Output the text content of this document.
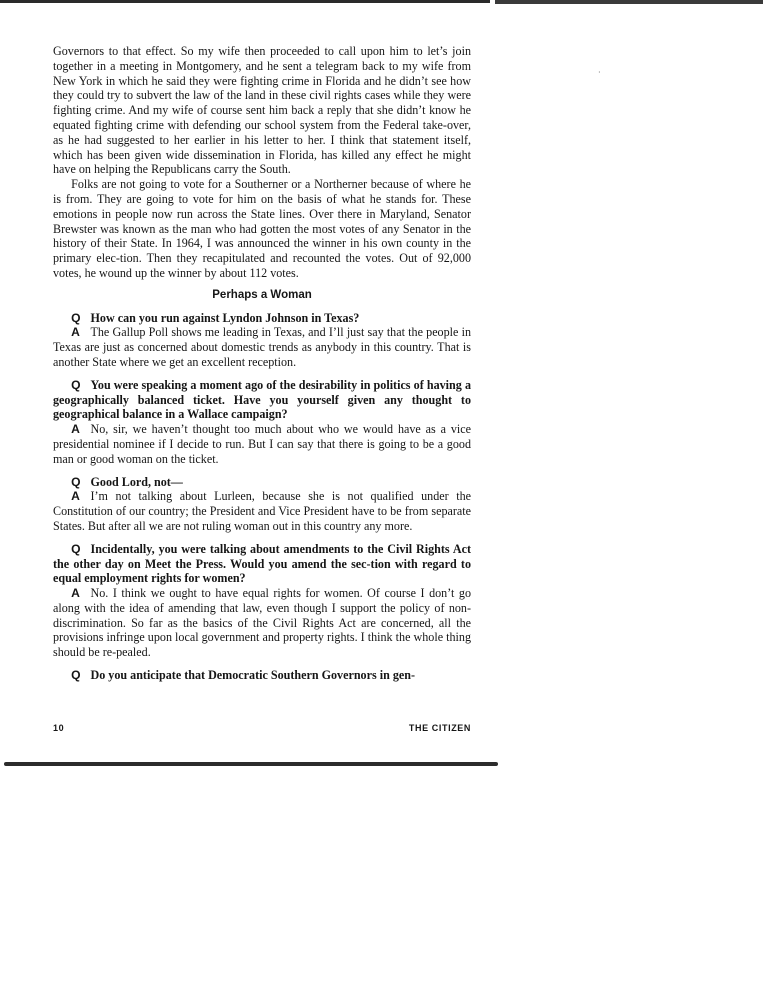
·

Governors to that effect. So my wife then proceeded to call upon him to let’s join together in a meeting in Montgomery, and he sent a telegram back to my wife from New York in which he said they were fighting crime in Florida and he didn’t see how they could try to subvert the law of the land in these civil rights cases while they were fighting crime. And my wife of course sent him back a reply that she didn’t know he equated fighting crime with defending our school system from the Federal take-over, as he had suggested to her earlier in his letter to her. I think that statement itself, which has been given wide dissemination in Florida, has killed any effect he might have on helping the Republicans carry the South.

Folks are not going to vote for a Southerner or a Northerner because of where he is from. They are going to vote for him on the basis of what he stands for. These emotions in people now run across the State lines. Over there in Maryland, Senator Brewster was known as the man who had gotten the most votes of any Senator in the history of their State. In 1964, I was announced the winner in his own county in the primary elec-tion. Then they recapitulated and recounted the votes. Out of 92,000 votes, he wound up the winner by about 112 votes.

Perhaps a Woman

Q How can you run against Lyndon Johnson in Texas?

A The Gallup Poll shows me leading in Texas, and I’ll just say that the people in Texas are just as concerned about domestic trends as anybody in this country. That is another State where we get an excellent reception.

Q You were speaking a moment ago of the desirability in politics of having a geographically balanced ticket. Have you yourself given any thought to geographical balance in a Wallace campaign?

A No, sir, we haven’t thought too much about who we would have as a vice presidential nominee if I decide to run. But I can say that there is going to be a good man or good woman on the ticket.

Q Good Lord, not—

A I’m not talking about Lurleen, because she is not qualified under the Constitution of our country; the President and Vice President have to be from separate States. But after all we are not ruling woman out in this country any more.

Q Incidentally, you were talking about amendments to the Civil Rights Act the other day on Meet the Press. Would you amend the sec-tion with regard to equal employment rights for women?

A No. I think we ought to have equal rights for women. Of course I don’t go along with the idea of amending that law, even though I support the policy of non-discrimination. So far as the basics of the Civil Rights Act are concerned, all the provisions infringe upon local government and property rights. I think the whole thing should be re-pealed.

Q Do you anticipate that Democratic Southern Governors in gen-

10	THE CITIZEN
